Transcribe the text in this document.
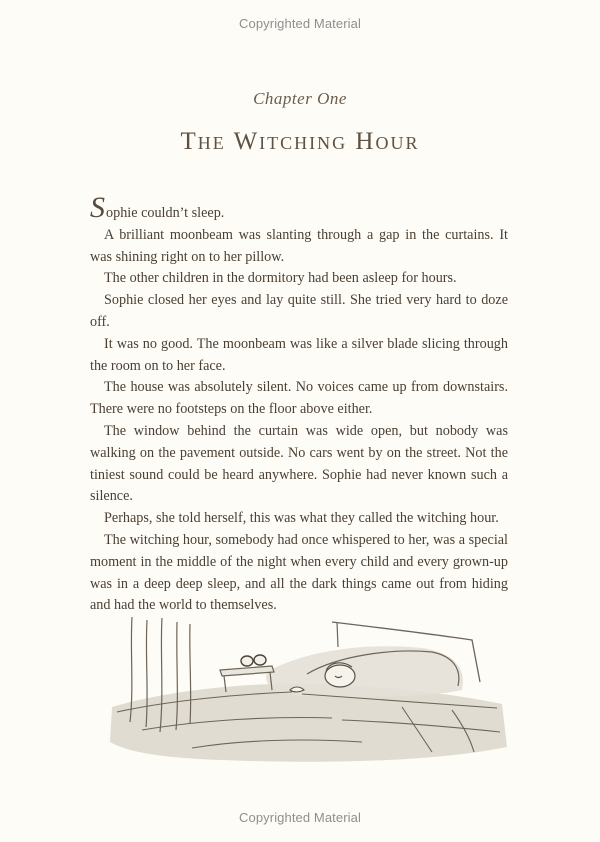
Copyrighted Material
Chapter One
The Witching Hour

Sophie couldn’t sleep.

A brilliant moonbeam was slanting through a gap in the curtains. It was shining right on to her pillow.

The other children in the dormitory had been asleep for hours.

Sophie closed her eyes and lay quite still. She tried very hard to doze off.

It was no good. The moonbeam was like a silver blade slicing through the room on to her face.

The house was absolutely silent. No voices came up from downstairs. There were no footsteps on the floor above either.

The window behind the curtain was wide open, but nobody was walking on the pavement outside. No cars went by on the street. Not the tiniest sound could be heard anywhere. Sophie had never known such a silence.

Perhaps, she told herself, this was what they called the witching hour.

The witching hour, somebody had once whispered to her, was a special moment in the middle of the night when every child and every grown-up was in a deep deep sleep, and all the dark things came out from hiding and had the world to themselves.

Copyrighted Material
